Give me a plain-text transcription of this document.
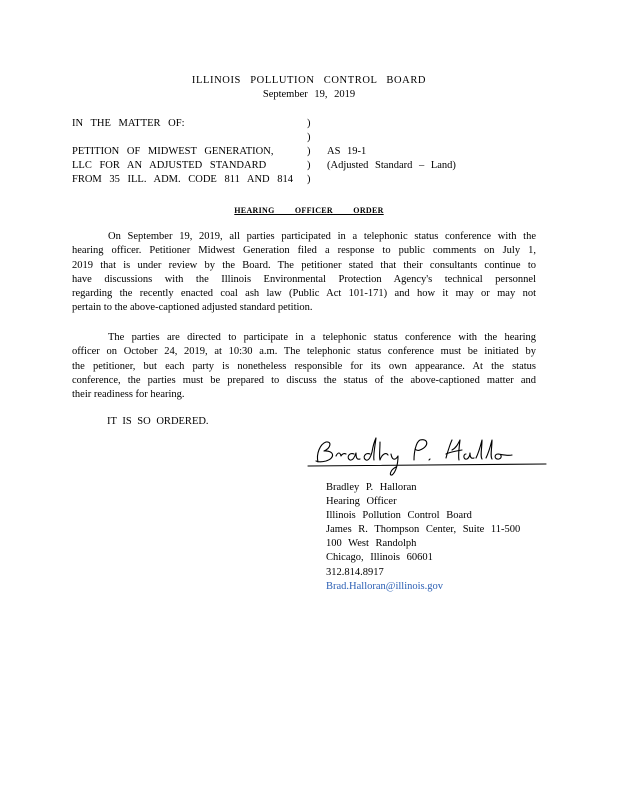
ILLINOIS POLLUTION CONTROL BOARD
September 19, 2019
IN THE MATTER OF:
PETITION OF MIDWEST GENERATION,
LLC FOR AN ADJUSTED STANDARD
FROM 35 ILL. ADM. CODE 811 AND 814
)
)
)
)
)
AS 19-1
(Adjusted Standard – Land)
HEARING OFFICER ORDER
On September 19, 2019, all parties participated in a telephonic status conference with the
hearing officer. Petitioner Midwest Generation filed a response to public comments on July 1,
2019 that is under review by the Board. The petitioner stated that their consultants continue to
have discussions with the Illinois Environmental Protection Agency's technical personnel
regarding the recently enacted coal ash law (Public Act 101-171) and how it may or may not
pertain to the above-captioned adjusted standard petition.
The parties are directed to participate in a telephonic status conference with the hearing
officer on October 24, 2019, at 10:30 a.m. The telephonic status conference must be initiated by
the petitioner, but each party is nonetheless responsible for its own appearance. At the status
conference, the parties must be prepared to discuss the status of the above-captioned matter and
their readiness for hearing.
IT IS SO ORDERED.
Bradley P. Halloran
Hearing Officer
Illinois Pollution Control Board
James R. Thompson Center, Suite 11-500
100 West Randolph
Chicago, Illinois 60601
312.814.8917
Brad.Halloran@illinois.gov
